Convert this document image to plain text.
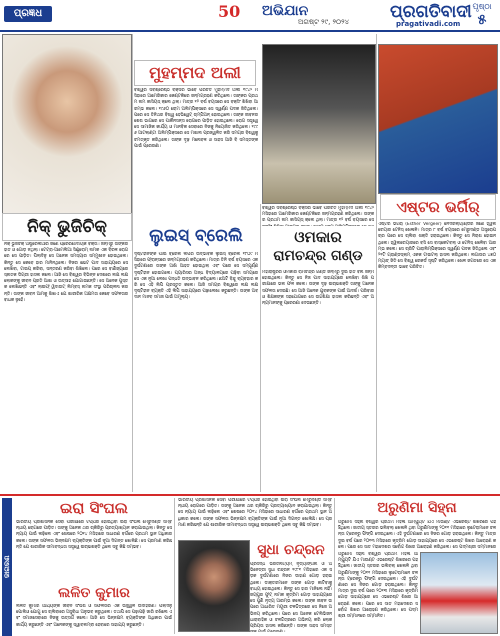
ପ୍ରଜ୍ଞଧ	50 ଅଭିଯାନ	ପ୍ରଗତିବାଦୀ
ଅଗଷ୍ଟ ୨୯, ୨୦୨୪	pragativadi.com
ପୃଷ୍ଠା
୫
ନିକ୍ ଭୁଜିଚିକ୍
ନିକ୍ ଭୁଜିଚିକ୍ ଅଷ୍ଟ୍ରେଲିଆର ଜଣେ ପ୍ରେରଣାଦାୟକ ବକ୍ତା। ଜନ୍ମରୁ ତାଙ୍କର ହାତ ଓ ଗୋଡ଼ ନଥିଲା। ଟେଟ୍ରା-ଆମେଲିଆ ସିଣ୍ଡ୍ରୋମ୍ ନାମକ ଏକ ବିରଳ ରୋଗରେ ସେ ପୀଡ଼ିତ। ପିଲାଦିନୁ ସେ ଅନେକ ସମସ୍ୟାର ସମ୍ମୁଖୀନ ହୋଇଥିଲେ। କିନ୍ତୁ ସେ କେବେ ହାର ମାନିନଥିଲେ। ନିଜର ଛୋଟ ପାଦ ସାହାଯ୍ୟରେ ସେ ଲେଖିବା, ଟାଇପ୍ କରିବା, ସନ୍ତରଣ କରିବା ଶିଖିଲେ। ପରେ ସେ ବାଣିଜ୍ୟରେ ସ୍ନାତକ ଡିଗ୍ରୀ ହାସଲ କଲେ। ଆଜି ସେ ବିଶ୍ୱର ବିଭିନ୍ନ ଦେଶରେ ଲକ୍ଷ ଲକ୍ଷ ଲୋକଙ୍କୁ ଜୀବନ ପ୍ରତି ଆଶା ଓ ଉତ୍ସାହ ଯୋଗାଉଛନ୍ତି। ସେ ଅନେକ ପୁସ୍ତକ ଲେଖିଛନ୍ତି ଏବଂ ଲାଇଫ୍ ୱିଦାଉଟ୍ ଲିମ୍ବସ୍ ନାମକ ସଂସ୍ଥା ପରିଚାଳନା କରନ୍ତି। ତାଙ୍କ ଜୀବନ ଆମକୁ ଶିଖାଏ ଯେ ଶାରୀରିକ ଅକ୍ଷମତା କେବେ ସଫଳତାର ବାଧକ ନୁହେଁ।
ମୁହମ୍ମଦ ଅଲୀ
ବିଶ୍ୱର ସର୍ବଶ୍ରେଷ୍ଠ ବକ୍ସର ଭାବେ ପରିଚିତ ମୁହମ୍ମଦ ଅଲୀ ୧୯୪୨ ମସିହାରେ ଆମେରିକାର କେଣ୍ଟକିରେ ଜନ୍ମଗ୍ରହଣ କରିଥିଲେ। ତାଙ୍କର ପ୍ରଥମ ନାମ କାସିୟସ୍ କ୍ଲେ ଥିଲା। ମାତ୍ର ୧୨ ବର୍ଷ ବୟସରେ ସେ ବକ୍ସିଂ ଶିଖିବା ଆରମ୍ଭ କଲେ। ୧୯୬୦ ରୋମ ଅଲିମ୍ପିକ୍ସରେ ସେ ସ୍ୱର୍ଣ୍ଣ ପଦକ ଜିତିଥିଲେ। ପରେ ସେ ତିନିଥର ବିଶ୍ୱ ହେଭିୱେଟ୍ ଚାମ୍ପିଅନ୍ ହୋଇଥିଲେ। ତାଙ୍କ ଜୀବନର ଶେଷ ଭାଗରେ ସେ ପାର୍କିନସନ୍ସ ରୋଗରେ ପୀଡ଼ିତ ହୋଇଥିଲେ। ରୋଗ ସତ୍ତ୍ୱେ ସେ ସାମାଜିକ କାର୍ଯ୍ୟ ଓ ମାନବିକ ସେବାରେ ନିଜକୁ ନିୟୋଜିତ କରିଥିଲେ। ୧୯୯୬ ଆଟଲାଣ୍ଟା ଅଲିମ୍ପିକ୍ସରେ ସେ ମଶାଲ ପ୍ରଜ୍ୱଳିତ କରି ସମଗ୍ର ବିଶ୍ୱକୁ ଚମତ୍କୃତ କରିଥିଲେ। ତାଙ୍କ ଦୃଢ଼ ମନୋବଳ ଓ ସାହସ ଆଜି ବି ସମସ୍ତଙ୍କ ପାଇଁ ପ୍ରେରଣା।
ଏଷ୍ଟର ଭର୍ଗିର୍
ଏଷ୍ଟର ଭର୍ଗିର୍ (Esther Vergeer) ନେଦରଲ୍ୟାଣ୍ଡର ଜଣେ ହ୍ୱିଲଚେୟାର ଟେନିସ୍ ଖେଳାଳି। ମାତ୍ର ୮ ବର୍ଷ ବୟସରେ ମେରୁଦଣ୍ଡ ଅସ୍ତ୍ରୋପଚାର ପରେ ସେ ଚାଲିବା ଶକ୍ତି ହରାଇଥିଲେ। କିନ୍ତୁ ସେ ନିରାଶ ହୋଇନଥିଲେ। ହ୍ୱିଲଚେୟାରରେ ବସି ସେ ବାସ୍କେଟବଲ୍ ଓ ଟେନିସ୍ ଖେଳିବା ଆରମ୍ଭ କଲେ। ସେ ଚାରିଟି ପାରାଲିମ୍ପିକ୍ସରେ ସ୍ୱର୍ଣ୍ଣ ପଦକ ଜିତିଥିଲେ ଏବଂ ୨୧ଟି ଗ୍ରାଣ୍ଡସ୍ଲାମ୍ ଏକକ ଟାଇଟଲ୍ ହାସଲ କରିଥିଲେ। ଲଗାତାର ୪୭୦ ମ୍ୟାଚ୍ ଜିତି ସେ ବିଶ୍ୱ ରେକର୍ଡ ସୃଷ୍ଟି କରିଥିଲେ। ଖେଳ ଜଗତରେ ସେ ଏକ କିମ୍ବଦନ୍ତୀ ଭାବେ ପରିଚିତ।
ଲୁଇସ୍ ବ୍ରେଲି
ଦୃଷ୍ଟିହୀନଙ୍କ ପାଇଁ ବ୍ରେଲି ଲିପିର ଉଦ୍ଭାବକ ଲୁଇସ୍ ବ୍ରେଲି ୧୮୦୯ ମସିହାରେ ଫ୍ରାନ୍ସରେ ଜନ୍ମଗ୍ରହଣ କରିଥିଲେ। ମାତ୍ର ତିନି ବର୍ଷ ବୟସରେ ଏକ ଦୁର୍ଘଟଣାରେ ତାଙ୍କ ଆଖି ଆହତ ହୋଇଥିଲା ଏବଂ ପରେ ସେ ସମ୍ପୂର୍ଣ୍ଣ ଦୃଷ୍ଟିହୀନ ହୋଇଗଲେ। ପ୍ୟାରିସର ଅନ୍ଧ ବିଦ୍ୟାଳୟରେ ପଢ଼ିବା ସମୟରେ ସେ ଏକ ନୂଆ ଲେଖା ପଦ୍ଧତି ଉଦ୍ଭାବନ କରିଥିଲେ। ଛଅଟି ବିନ୍ଦୁ ବ୍ୟବହାର କରି ସେ ଏହି ଲିପି ପ୍ରସ୍ତୁତ କଲେ। ଆଜି ସମଗ୍ର ବିଶ୍ୱରେ ଲକ୍ଷ ଲକ୍ଷ ଦୃଷ୍ଟିହୀନ ବ୍ୟକ୍ତି ଏହି ଲିପି ସାହାଯ୍ୟରେ ପଢ଼ାଲେଖା କରୁଛନ୍ତି। ତାଙ୍କ ଅବଦାନ ମାନବ ସମାଜ ପାଇଁ ଅମୂଲ୍ୟ।
ବିଶ୍ୱର ସର୍ବଶ୍ରେଷ୍ଠ ବକ୍ସର ଭାବେ ପରିଚିତ ମୁହମ୍ମଦ ଅଲୀ ୧୯୪୨ ମସିହାରେ ଆମେରିକାର କେଣ୍ଟକିରେ ଜନ୍ମଗ୍ରହଣ କରିଥିଲେ। ତାଙ୍କର ପ୍ରଥମ ନାମ କାସିୟସ୍ କ୍ଲେ ଥିଲା। ମାତ୍ର ୧୨ ବର୍ଷ ବୟସରେ ସେ
ଓମକାର
ରାମଚନ୍ଦ୍ର ଗଣ୍ଡ
ମହାରାଷ୍ଟ୍ରର ଓମକାର ରାମଚନ୍ଦ୍ର ଗଣ୍ଡ ଜନ୍ମରୁ ଦୁଇ ହାତ ବିନା ଜନ୍ମ ହୋଇଥିଲେ। କିନ୍ତୁ ସେ ନିଜ ପାଦ ସାହାଯ୍ୟରେ ଲେଖିବା ଶିଖି ପରୀକ୍ଷାରେ ଭଲ ଫଳ କଲେ। ତାଙ୍କ ଦୃଢ଼ ଇଚ୍ଛାଶକ୍ତି ତାଙ୍କୁ ଅନେକ ସଫଳତା ଦେଇଛି। ସେ ଆଜି ଅନେକ ଯୁବକଙ୍କ ପାଇଁ ଆଦର୍ଶ। ପରିବାର ଓ ଶିକ୍ଷକଙ୍କ ସହଯୋଗରେ ସେ ଉଚ୍ଚଶିକ୍ଷା ହାସଲ କରିଛନ୍ତି ଏବଂ ଅନ୍ୟମାନଙ୍କୁ ପ୍ରେରଣା ଦେଉଛନ୍ତି।
ଜାଗରଣ
ଇରା ସିଂଘଲ
ଭାରତୀୟ ପ୍ରଶାସନିକ ସେବା ପରୀକ୍ଷାରେ ଟପ୍ପର ହୋଇଥିବା ଇରା ସିଂଘଲ ମେରୁଦଣ୍ଡ ସମ୍ବନ୍ଧୀୟ ରୋଗରେ ପୀଡ଼ିତ। ତାଙ୍କୁ ଅନେକ ଥର ଚାକିରିରୁ ପ୍ରତ୍ୟାଖ୍ୟାନ କରାଯାଇଥିଲା। କିନ୍ତୁ ସେ ନ୍ୟାୟ ପାଇଁ ଲଢ଼ିଲେ ଏବଂ ଶେଷରେ ୨୦୧୪ ମସିହାରେ ସାଧାରଣ ବର୍ଗରେ ପ୍ରଥମ ସ୍ଥାନ ଅଧିକାର କଲେ। ତାଙ୍କ ସଫଳତା ଭିନ୍ନକ୍ଷମ ବ୍ୟକ୍ତିଙ୍କ ପାଇଁ ନୂଆ ଦିଗନ୍ତ ଖୋଲିଛି। ସେ ପ୍ରମାଣ କରିଛନ୍ତି ଯେ ଶାରୀରିକ ସୀମାବଦ୍ଧତା ସତ୍ତ୍ୱେ ଇଚ୍ଛାଶକ୍ତି ଥିଲେ ସବୁ କିଛି ସମ୍ଭବ।
ଲଳିତ କୁମାର
ଲଳିତ କୁମାର ଆର୍ଯ୍ୟଙ୍କ ଜୀବନ ସଂଘର୍ଷ ଓ ସଫଳତାର ଏକ ଉଜ୍ଜ୍ୱଳ ଉଦାହରଣ। ପିଲାଦିନୁ ପୋଲିଓ ଯୋଗୁ ସେ ଚାଲିବାରେ ଅସୁବିଧା ଅନୁଭବ କରୁଥିଲେ। ତଥାପି ସେ ପଢ଼ାପଢ଼ି ଜାରି ରଖିଲେ ଏବଂ ସମାଜସେବାରେ ନିଜକୁ ଉତ୍ସର୍ଗ କଲେ। ଆଜି ସେ ଭିନ୍ନକ୍ଷମ ବ୍ୟକ୍ତିଙ୍କ ଅଧିକାର ପାଇଁ କାର୍ଯ୍ୟ କରୁଛନ୍ତି ଏବଂ ଅନେକଙ୍କୁ ସ୍ୱାବଲମ୍ବୀ ହେବାରେ ସାହାଯ୍ୟ କରୁଛନ୍ତି।
ଭାରତୀୟ ପ୍ରଶାସନିକ ସେବା ପରୀକ୍ଷାରେ ଟପ୍ପର ହୋଇଥିବା ଇରା ସିଂଘଲ ମେରୁଦଣ୍ଡ ସମ୍ବନ୍ଧୀୟ ରୋଗରେ ପୀଡ଼ିତ। ତାଙ୍କୁ ଅନେକ ଥର ଚାକିରିରୁ ପ୍ରତ୍ୟାଖ୍ୟାନ କରାଯାଇଥିଲା। କିନ୍ତୁ ସେ ନ୍ୟାୟ ପାଇଁ ଲଢ଼ିଲେ ଏବଂ ଶେଷରେ ୨୦୧୪ ମସିହାରେ ସାଧାରଣ ବର୍ଗରେ ପ୍ରଥମ ସ୍ଥାନ ଅଧିକାର କଲେ। ତାଙ୍କ ସଫଳତା ଭିନ୍ନକ୍ଷମ ବ୍ୟକ୍ତିଙ୍କ ପାଇଁ ନୂଆ ଦିଗନ୍ତ ଖୋଲିଛି। ସେ ପ୍ରମାଣ କରିଛନ୍ତି ଯେ ଶାରୀରିକ ସୀମାବଦ୍ଧତା ସତ୍ତ୍ୱେ ଇଚ୍ଛାଶକ୍ତି ଥିଲେ ସବୁ କିଛି ସମ୍ଭବ।
ସୁଧା ଚନ୍ଦ୍ରନ
ପ୍ରସିଦ୍ଧ ଭରତନାଟ୍ୟମ୍ ନୃତ୍ୟାଙ୍ଗନା ଓ ଅଭିନେତ୍ରୀ ସୁଧା ଚନ୍ଦ୍ରନ ୧୯୮୧ ମସିହାରେ ଏକ ସଡ଼କ ଦୁର୍ଘଟଣାରେ ନିଜର ଡାହାଣ ଗୋଡ଼ ହରାଇଥିଲେ। ଡାକ୍ତରମାନେ ତାଙ୍କ ଗୋଡ଼ କାଟିବାକୁ ବାଧ୍ୟ ହୋଇଥିଲେ। କିନ୍ତୁ ସେ ହାର ମାନିଲେ ନାହିଁ। ଜୟପୁର ଫୁଟ୍ ନାମକ କୃତ୍ରିମ ଗୋଡ଼ ସାହାଯ୍ୟରେ ସେ ପୁଣି ନୃତ୍ୟ ଆରମ୍ଭ କଲେ। ତାଙ୍କ ଜୀବନ ଉପରେ ଆଧାରିତ ମୟୂରୀ ଚଳଚ୍ଚିତ୍ରରେ ସେ ନିଜେ ଅଭିନୟ କରିଥିଲେ। ପରେ ସେ ଅନେକ ଟେଲିଭିଜନ ଧାରାବାହିକ ଓ ଚଳଚ୍ଚିତ୍ରରେ ଅଭିନୟ କରି ଲୋକପ୍ରିୟତା ହାସଲ କରିଛନ୍ତି। ତାଙ୍କ ସାହସ ସମସ୍ତ
ଅରୁଣିମା ସିହ୍ନା
ଅରୁଣିମା ସିହ୍ନା ବିଶ୍ୱର ପ୍ରଥମ ମହିଳା ଆମ୍ପ୍ୟୁଟି ଯିଏ ମାଉଣ୍ଟ ଏଭରେଷ୍ଟ ଶିଖରରେ ପହଞ୍ଚିଥିଲେ। ଜାତୀୟ ସ୍ତରର ଭଲିବଲ୍ ଖେଳାଳି ଥିବା ଅରୁଣିମାଙ୍କୁ ୨୦୧୧ ମସିହାରେ ଲୁଟେରାମାନେ ଚଳନ୍ତା ଟ୍ରେନରୁ ଫିଙ୍ଗି ଦେଇଥିଲେ। ଏହି ଦୁର୍ଘଟଣାରେ ସେ ନିଜର ଗୋଡ଼ ହରାଇଥିଲେ। କିନ୍ତୁ ମାତ୍ର ଦୁଇ ବର୍ଷ ପରେ ୨୦୧୩ ମସିହାରେ କୃତ୍ରିମ ଗୋଡ଼ ସାହାଯ୍ୟରେ ସେ ଏଭରେଷ୍ଟ ଶିଖର ଆରୋହଣ କଲେ। ପରେ ସେ ସାତ ମହାଦେଶର ସର୍ବୋଚ୍ଚ ଶିଖର ଆରୋହଣ କରିଥିଲେ। ସେ ପଦ୍ମଶ୍ରୀ ସମ୍ମାନରେ
ଅରୁଣିମା ସିହ୍ନା ବିଶ୍ୱର ପ୍ରଥମ ମହିଳା ଆମ୍ପ୍ୟୁଟି ଯିଏ ମାଉଣ୍ଟ ଏଭରେଷ୍ଟ ଶିଖରରେ ପହଞ୍ଚିଥିଲେ। ଜାତୀୟ ସ୍ତରର ଭଲିବଲ୍ ଖେଳାଳି ଥିବା ଅରୁଣିମାଙ୍କୁ ୨୦୧୧ ମସିହାରେ ଲୁଟେରାମାନେ ଚଳନ୍ତା ଟ୍ରେନରୁ ଫିଙ୍ଗି ଦେଇଥିଲେ। ଏହି ଦୁର୍ଘଟଣାରେ ସେ ନିଜର ଗୋଡ଼ ହରାଇଥିଲେ। କିନ୍ତୁ ମାତ୍ର ଦୁଇ ବର୍ଷ ପରେ ୨୦୧୩ ମସିହାରେ କୃତ୍ରିମ ଗୋଡ଼ ସାହାଯ୍ୟରେ ସେ ଏଭରେଷ୍ଟ ଶିଖର ଆରୋହଣ କଲେ। ପରେ ସେ ସାତ ମହାଦେଶର ସର୍ବୋଚ୍ଚ ଶିଖର ଆରୋହଣ କରିଥିଲେ। ସେ ପଦ୍ମଶ୍ରୀ ସମ୍ମାନରେ ସମ୍ମାନିତ।
